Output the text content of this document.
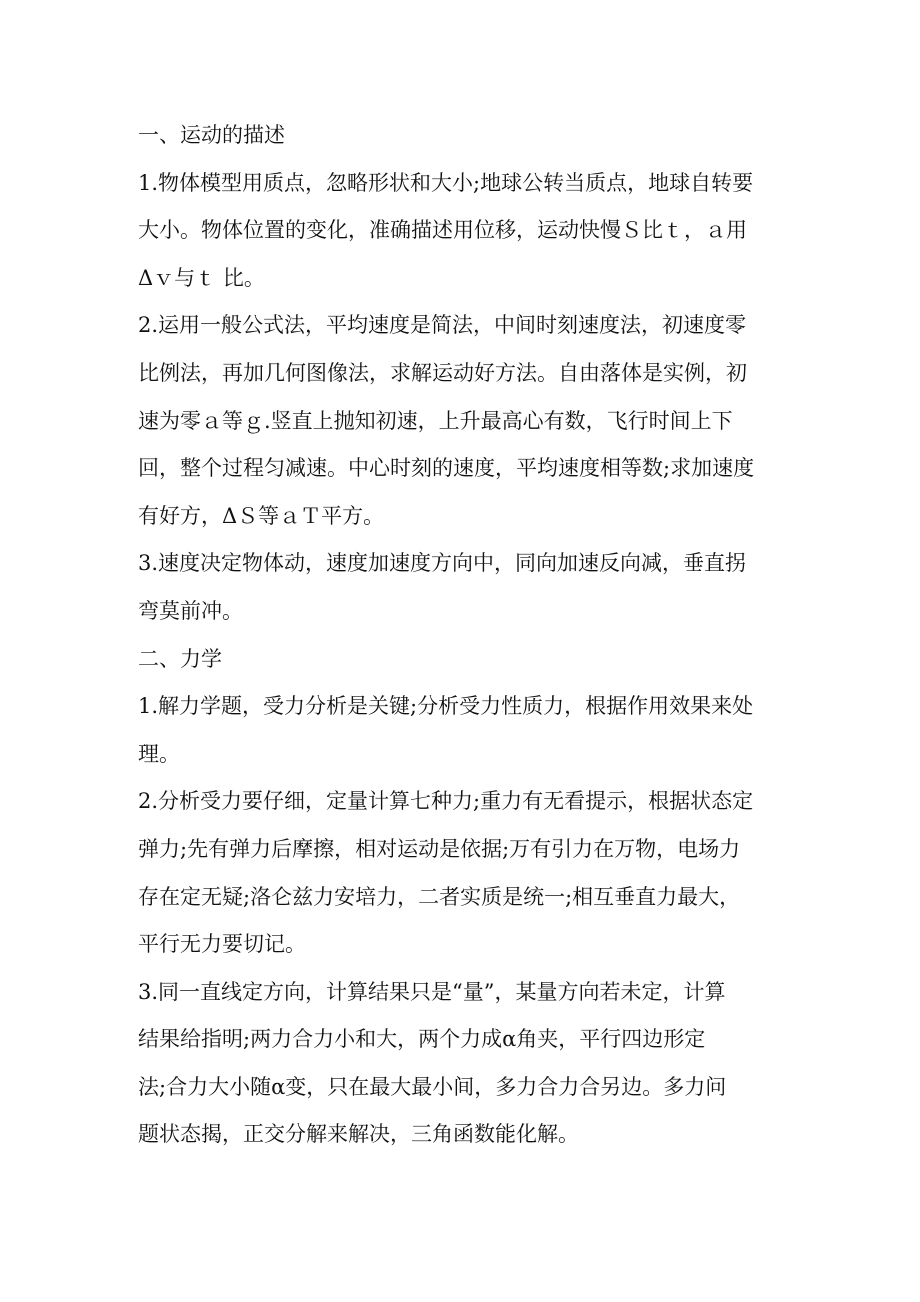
一、运动的描述
1.物体模型用质点，忽略形状和大小;地球公转当质点，地球自转要
大小。物体位置的变化，准确描述用位移，运动快慢Ｓ比ｔ，ａ用
Δｖ与ｔ 比。
2.运用一般公式法，平均速度是简法，中间时刻速度法，初速度零
比例法，再加几何图像法，求解运动好方法。自由落体是实例，初
速为零ａ等ｇ.竖直上抛知初速，上升最高心有数，飞行时间上下
回，整个过程匀减速。中心时刻的速度，平均速度相等数;求加速度
有好方，ΔＳ等ａＴ平方。
3.速度决定物体动，速度加速度方向中，同向加速反向减，垂直拐
弯莫前冲。
二、力学
1.解力学题，受力分析是关键;分析受力性质力，根据作用效果来处
理。
2.分析受力要仔细，定量计算七种力;重力有无看提示，根据状态定
弹力;先有弹力后摩擦，相对运动是依据;万有引力在万物，电场力
存在定无疑;洛仑兹力安培力，二者实质是统一;相互垂直力最大，
平行无力要切记。
3.同一直线定方向，计算结果只是“量”，某量方向若未定，计算
结果给指明;两力合力小和大，两个力成α角夹，平行四边形定
法;合力大小随α变，只在最大最小间，多力合力合另边。多力问
题状态揭，正交分解来解决，三角函数能化解。
